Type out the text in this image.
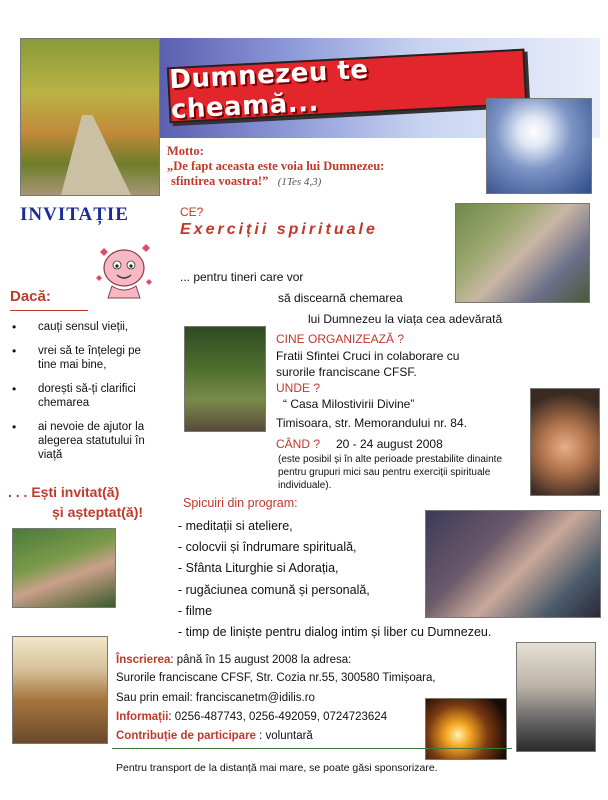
Dumnezeu te cheamă...
Motto:
„De fapt aceasta este voia lui Dumnezeu:
sfintirea voastra!” (1Tes 4,3)
INVITAȚIE	CE?
Exerciții spirituale
... pentru tineri care vor
să discearnă chemarea
lui Dumnezeu la viața cea adevărată
Dacă:
• cauți sensul vieții,
• vrei să te înțelegi pe tine mai bine,
• dorești să-ți clarifici chemarea
• ai nevoie de ajutor la alegerea statutului în viață
. . . Ești invitat(ă)
și așteptat(ă)!
CINE ORGANIZEAZĂ ?
Fratii Sfintei Cruci in colaborare cu
surorile franciscane CFSF.
UNDE ?
“ Casa Milostivirii Divine”
Timisoara, str. Memorandului nr. 84.
CÂND ? 20 - 24 august 2008
(este posibil și în alte perioade prestabilite dinainte pentru grupuri mici sau pentru exerciții spirituale individuale).
Spicuiri din program:
- meditații si ateliere,
- colocvii și îndrumare spirituală,
- Sfânta Liturghie si Adorația,
- rugăciunea comună și personală,
- filme
- timp de liniște pentru dialog intim și liber cu Dumnezeu.
Înscrierea: până în 15 august 2008 la adresa:
Surorile franciscane CFSF, Str. Cozia nr.55, 300580 Timișoara,
Sau prin email: franciscanetm@idilis.ro
Informații: 0256-487743, 0256-492059, 0724723624
Contribuție de participare : voluntară
Pentru transport de la distanță mai mare, se poate găsi sponsorizare.
